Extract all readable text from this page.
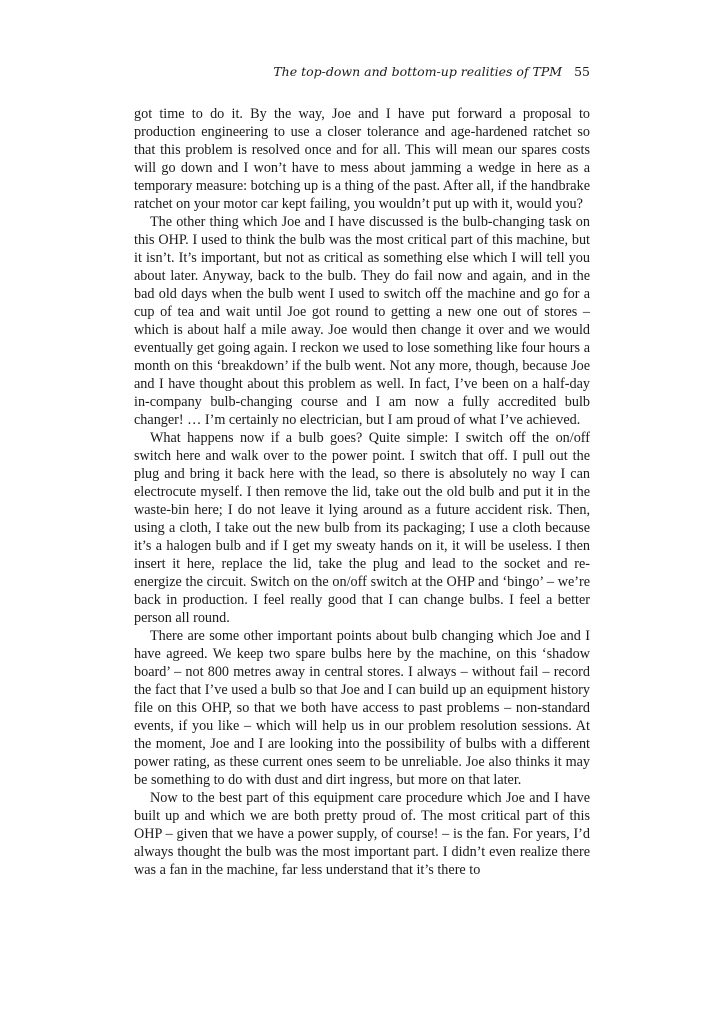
The top-down and bottom-up realities of TPM 55

got time to do it. By the way, Joe and I have put forward a proposal to production engineering to use a closer tolerance and age-hardened ratchet so that this problem is resolved once and for all. This will mean our spares costs will go down and I won’t have to mess about jamming a wedge in here as a temporary measure: botching up is a thing of the past. After all, if the handbrake ratchet on your motor car kept failing, you wouldn’t put up with it, would you?

The other thing which Joe and I have discussed is the bulb-changing task on this OHP. I used to think the bulb was the most critical part of this machine, but it isn’t. It’s important, but not as critical as something else which I will tell you about later. Anyway, back to the bulb. They do fail now and again, and in the bad old days when the bulb went I used to switch off the machine and go for a cup of tea and wait until Joe got round to getting a new one out of stores – which is about half a mile away. Joe would then change it over and we would eventually get going again. I reckon we used to lose something like four hours a month on this ‘breakdown’ if the bulb went. Not any more, though, because Joe and I have thought about this problem as well. In fact, I’ve been on a half-day in-company bulb-changing course and I am now a fully accredited bulb changer! … I’m certainly no electrician, but I am proud of what I’ve achieved.

What happens now if a bulb goes? Quite simple: I switch off the on/off switch here and walk over to the power point. I switch that off. I pull out the plug and bring it back here with the lead, so there is absolutely no way I can electrocute myself. I then remove the lid, take out the old bulb and put it in the waste-bin here; I do not leave it lying around as a future accident risk. Then, using a cloth, I take out the new bulb from its packaging; I use a cloth because it’s a halogen bulb and if I get my sweaty hands on it, it will be useless. I then insert it here, replace the lid, take the plug and lead to the socket and re-energize the circuit. Switch on the on/off switch at the OHP and ‘bingo’ – we’re back in production. I feel really good that I can change bulbs. I feel a better person all round.

There are some other important points about bulb changing which Joe and I have agreed. We keep two spare bulbs here by the machine, on this ‘shadow board’ – not 800 metres away in central stores. I always – without fail – record the fact that I’ve used a bulb so that Joe and I can build up an equipment history file on this OHP, so that we both have access to past problems – non-standard events, if you like – which will help us in our problem resolution sessions. At the moment, Joe and I are looking into the possibility of bulbs with a different power rating, as these current ones seem to be unreliable. Joe also thinks it may be something to do with dust and dirt ingress, but more on that later.

Now to the best part of this equipment care procedure which Joe and I have built up and which we are both pretty proud of. The most critical part of this OHP – given that we have a power supply, of course! – is the fan. For years, I’d always thought the bulb was the most important part. I didn’t even realize there was a fan in the machine, far less understand that it’s there to
